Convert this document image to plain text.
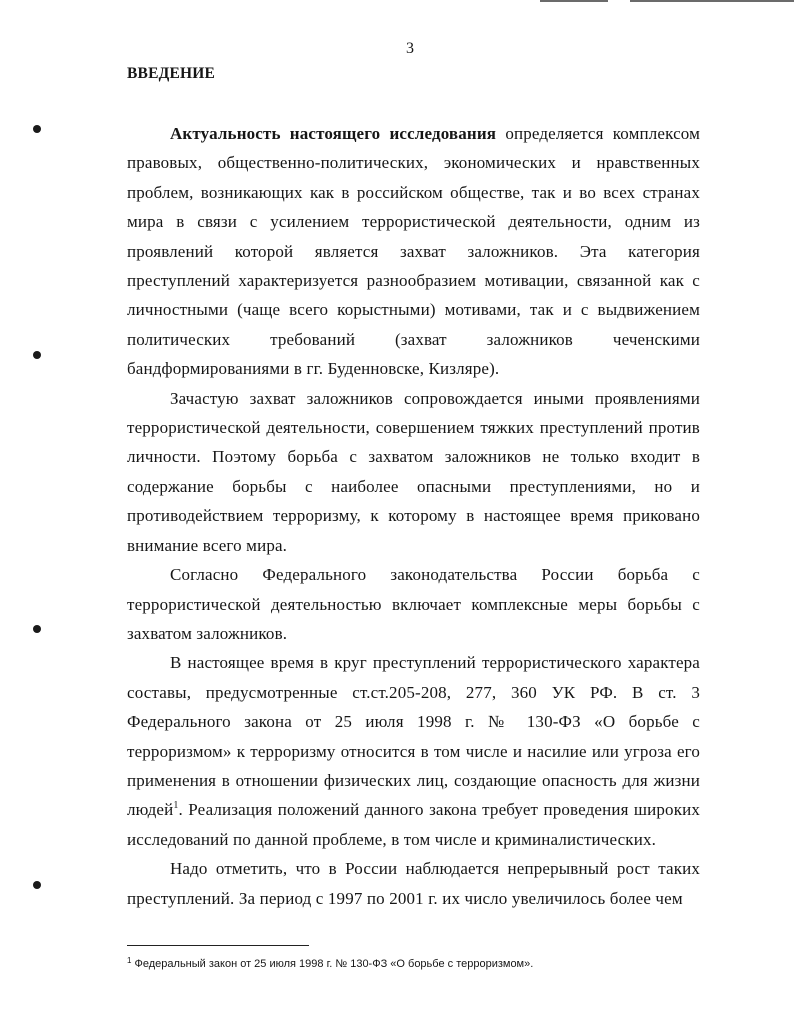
3
ВВЕДЕНИЕ

Актуальность настоящего исследования определяется комплексом правовых, общественно-политических, экономических и нравственных проблем, возникающих как в российском обществе, так и во всех странах мира в связи с усилением террористической деятельности, одним из проявлений которой является захват заложников. Эта категория преступлений характеризуется разнообразием мотивации, связанной как с личностными (чаще всего корыстными) мотивами, так и с выдвижением политических требований (захват заложников чеченскими бандформированиями в гг. Буденновске, Кизляре).

Зачастую захват заложников сопровождается иными проявлениями террористической деятельности, совершением тяжких преступлений против личности. Поэтому борьба с захватом заложников не только входит в содержание борьбы с наиболее опасными преступлениями, но и противодействием терроризму, к которому в настоящее время приковано внимание всего мира.

Согласно Федерального законодательства России борьба с террористической деятельностью включает комплексные меры борьбы с захватом заложников.

В настоящее время в круг преступлений террористического характера составы, предусмотренные ст.ст.205-208, 277, 360 УК РФ. В ст. 3 Федерального закона от 25 июля 1998 г. № 130-ФЗ «О борьбе с терроризмом» к терроризму относится в том числе и насилие или угроза его применения в отношении физических лиц, создающие опасность для жизни людей$^1$. Реализация положений данного закона требует проведения широких исследований по данной проблеме, в том числе и криминалистических.

Надо отметить, что в России наблюдается непрерывный рост таких преступлений. За период с 1997 по 2001 г. их число увеличилось более чем

$^1$ Федеральный закон от 25 июля 1998 г. № 130-ФЗ «О борьбе с терроризмом».
